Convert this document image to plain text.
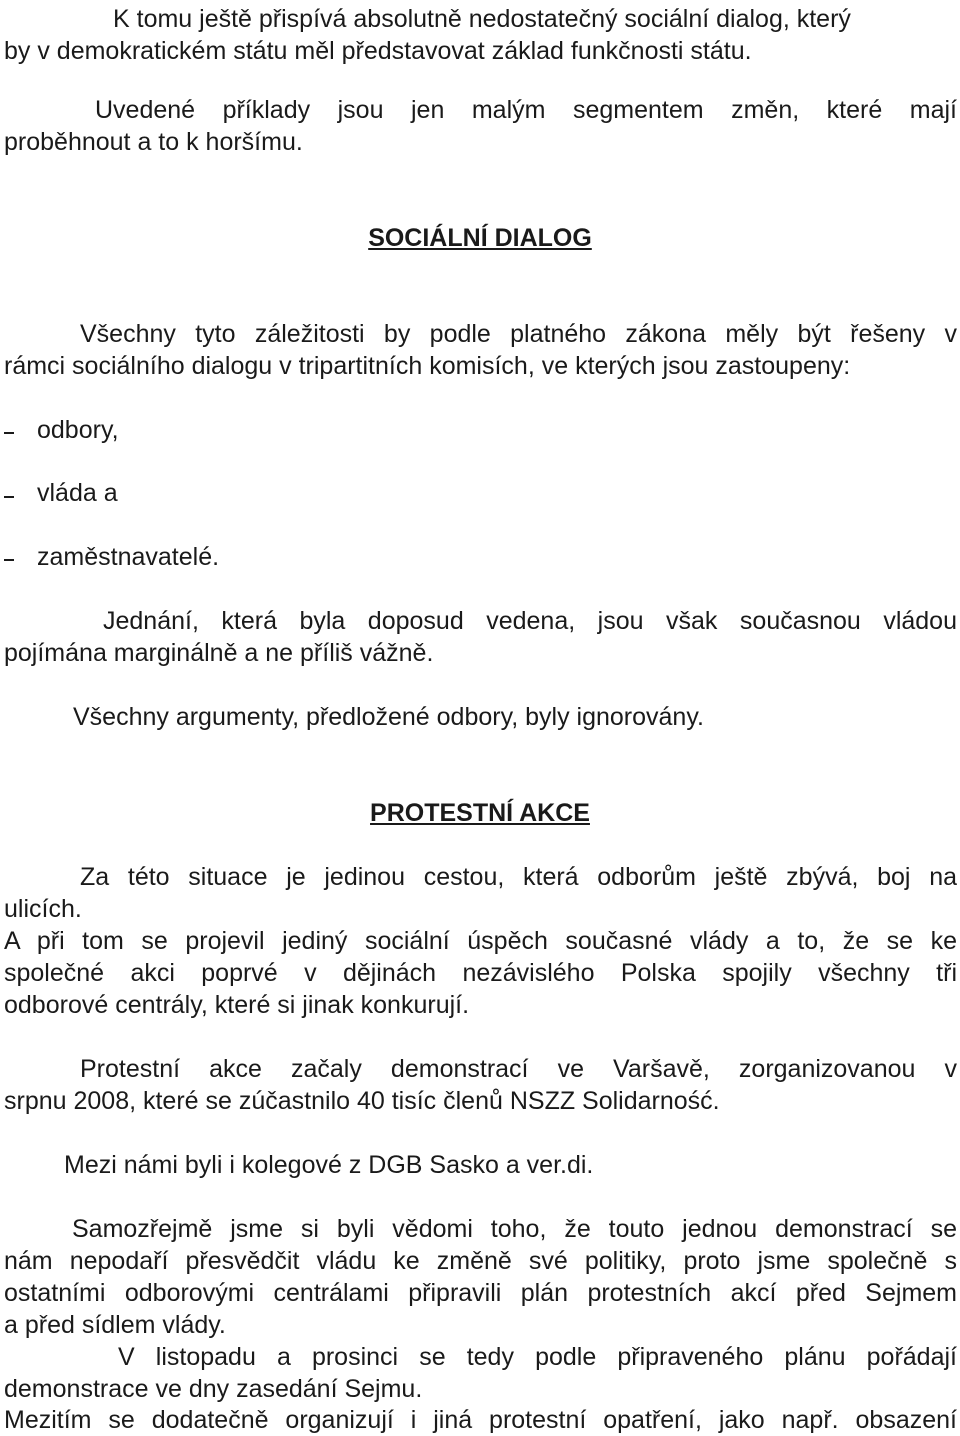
K tomu ještě přispívá absolutně nedostatečný sociální dialog, který
by v demokratickém státu měl představovat základ funkčnosti státu.
Uvedené příklady jsou jen malým segmentem změn, které mají
proběhnout a to k horšímu.
SOCIÁLNÍ DIALOG
Všechny tyto záležitosti by podle platného zákona měly být řešeny v
rámci sociálního dialogu v tripartitních komisích, ve kterých jsou zastoupeny:
odbory,
vláda a
zaměstnavatelé.
Jednání, která byla doposud vedena, jsou však současnou vládou
pojímána marginálně a ne příliš vážně.
Všechny argumenty, předložené odbory, byly ignorovány.
PROTESTNÍ AKCE
Za této situace je jedinou cestou, která odborům ještě zbývá, boj na
ulicích.
A při tom se projevil jediný sociální úspěch současné vlády a to, že se ke
společné akci poprvé v dějinách nezávislého Polska spojily všechny tři
odborové centrály, které si jinak konkurují.
Protestní akce začaly demonstrací ve Varšavě, zorganizovanou v
srpnu 2008, které se zúčastnilo 40 tisíc členů NSZZ Solidarność.
Mezi námi byli i kolegové z DGB Sasko a ver.di.
Samozřejmě jsme si byli vědomi toho, že touto jednou demonstrací se
nám nepodaří přesvědčit vládu ke změně své politiky, proto jsme společně s
ostatními odborovými centrálami připravili plán protestních akcí před Sejmem
a před sídlem vlády.
V listopadu a prosinci se tedy podle připraveného plánu pořádají
demonstrace ve dny zasedání Sejmu.
Mezitím se dodatečně organizují i jiná protestní opatření, jako např. obsazení
